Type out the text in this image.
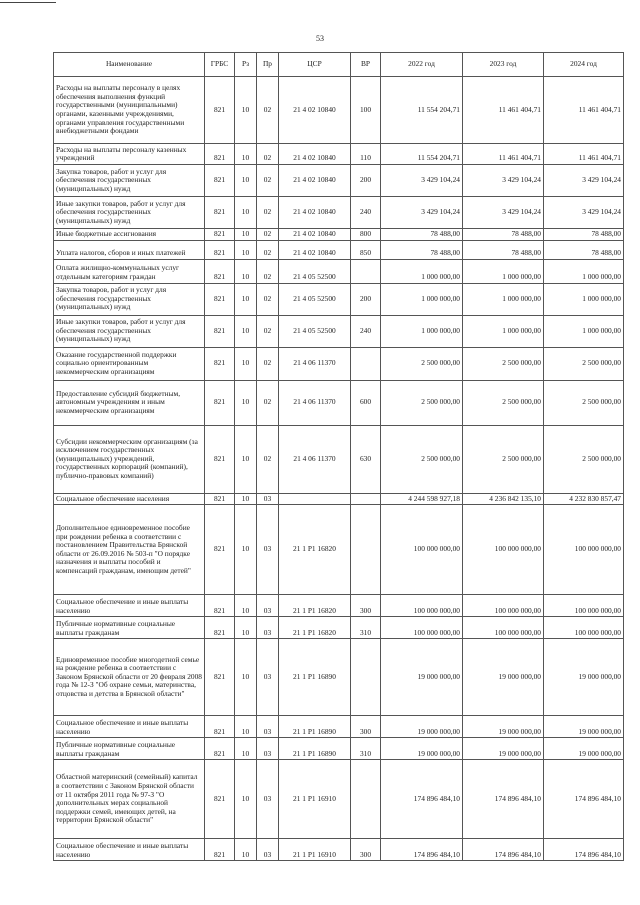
53
Наименование	ГРБС	Рз	Пр	ЦСР	ВР	2022 год	2023 год	2024 год
Расходы на выплаты персоналу в целях обеспечения выполнения функций государственными (муниципальными) органами, казенными учреждениями, органами управления государственными внебюджетными фондами	821	10	02	21 4 02 10840	100	11 554 204,71	11 461 404,71	11 461 404,71
Расходы на выплаты персоналу казенных учреждений	821	10	02	21 4 02 10840	110	11 554 204,71	11 461 404,71	11 461 404,71
Закупка товаров, работ и услуг для обеспечения государственных (муниципальных) нужд	821	10	02	21 4 02 10840	200	3 429 104,24	3 429 104,24	3 429 104,24
Иные закупки товаров, работ и услуг для обеспечения государственных (муниципальных) нужд	821	10	02	21 4 02 10840	240	3 429 104,24	3 429 104,24	3 429 104,24
Иные бюджетные ассигнования	821	10	02	21 4 02 10840	800	78 488,00	78 488,00	78 488,00
Уплата налогов, сборов и иных платежей	821	10	02	21 4 02 10840	850	78 488,00	78 488,00	78 488,00
Оплата жилищно-коммунальных услуг отдельным категориям граждан	821	10	02	21 4 05 52500		1 000 000,00	1 000 000,00	1 000 000,00
Закупка товаров, работ и услуг для обеспечения государственных (муниципальных) нужд	821	10	02	21 4 05 52500	200	1 000 000,00	1 000 000,00	1 000 000,00
Иные закупки товаров, работ и услуг для обеспечения государственных (муниципальных) нужд	821	10	02	21 4 05 52500	240	1 000 000,00	1 000 000,00	1 000 000,00
Оказание государственной поддержки социально ориентированным некоммерческим организациям	821	10	02	21 4 06 11370		2 500 000,00	2 500 000,00	2 500 000,00
Предоставление субсидий бюджетным, автономным учреждениям и иным некоммерческим организациям	821	10	02	21 4 06 11370	600	2 500 000,00	2 500 000,00	2 500 000,00
Субсидии некоммерческим организациям (за исключением государственных (муниципальных) учреждений, государственных корпораций (компаний), публично-правовых компаний)	821	10	02	21 4 06 11370	630	2 500 000,00	2 500 000,00	2 500 000,00
Социальное обеспечение населения	821	10	03			4 244 598 927,18	4 236 842 135,10	4 232 830 857,47
Дополнительное единовременное пособие при рождении ребенка в соответствии с постановлением Правительства Брянской области от 26.09.2016 № 503-п "О порядке назначения и выплаты пособий и компенсаций гражданам, имеющим детей"	821	10	03	21 1 P1 16820		100 000 000,00	100 000 000,00	100 000 000,00
Социальное обеспечение и иные выплаты населению	821	10	03	21 1 P1 16820	300	100 000 000,00	100 000 000,00	100 000 000,00
Публичные нормативные социальные выплаты гражданам	821	10	03	21 1 P1 16820	310	100 000 000,00	100 000 000,00	100 000 000,00
Единовременное пособие многодетной семье на рождение ребенка в соответствии с Законом Брянской области от 20 февраля 2008 года № 12-З "Об охране семьи, материнства, отцовства и детства в Брянской области"	821	10	03	21 1 P1 16890		19 000 000,00	19 000 000,00	19 000 000,00
Социальное обеспечение и иные выплаты населению	821	10	03	21 1 P1 16890	300	19 000 000,00	19 000 000,00	19 000 000,00
Публичные нормативные социальные выплаты гражданам	821	10	03	21 1 P1 16890	310	19 000 000,00	19 000 000,00	19 000 000,00
Областной материнский (семейный) капитал в соответствии с Законом Брянской области от 11 октября 2011 года № 97-З "О дополнительных мерах социальной поддержки семей, имеющих детей, на территории Брянской области"	821	10	03	21 1 P1 16910		174 896 484,10	174 896 484,10	174 896 484,10
Социальное обеспечение и иные выплаты населению	821	10	03	21 1 P1 16910	300	174 896 484,10	174 896 484,10	174 896 484,10
